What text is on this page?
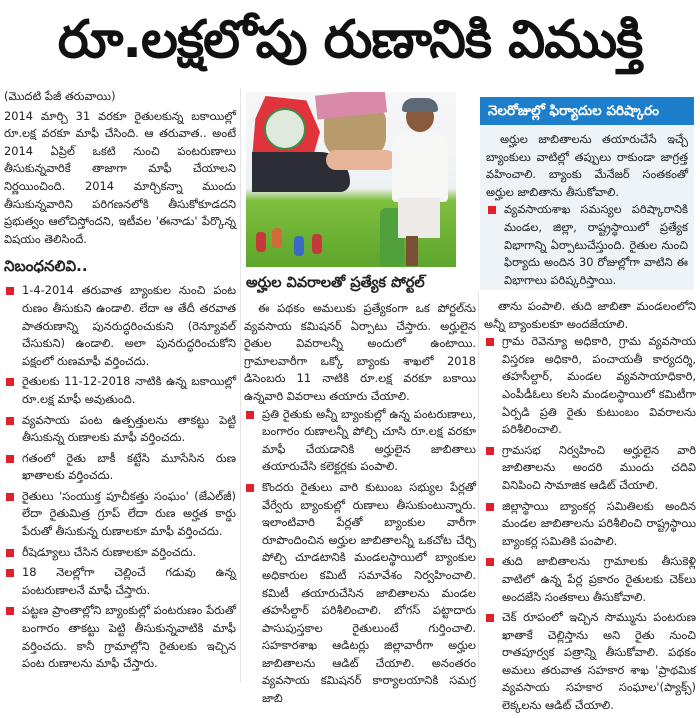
రూ.లక్షలోపు రుణానికి విముక్తి

(మొదటి పేజీ తరువాయి)

2014 మార్చి 31 వరకూ రైతులకున్న బకాయిల్లో రూ.లక్ష వరకూ మాఫీ చేసింది. ఆ తరువాత.. అంటే 2014 ఏప్రిల్ ఒకటి నుంచి పంటరుణాలు తీసుకున్నవారికే తాజాగా మాఫీ చేయాలని నిర్ణయించింది. 2014 మార్చికన్నా ముందు తీసుకున్నవారిని పరిగణనలోకి తీసుకోకూడదని ప్రభుత్వం ఆలోచిస్తోందని, ఇటీవల 'ఈనాడు' పేర్కొన్న విషయం తెలిసిందే.

నిబంధనలివి..

1-4-2014 తరువాత బ్యాంకుల నుంచి పంట రుణం తీసుకుని ఉండాలి. లేదా ఆ తేదీ తరవాత పాతరుణాన్ని పునరుద్ధరించుకుని (రెన్యూవల్ చేసుకుని) ఉండాలి. అలా పునరుద్ధరించుకోని పక్షంలో రుణమాఫీ వర్తించదు.
రైతులకు 11-12-2018 నాటికి ఉన్న బకాయిల్లో రూ.లక్ష మాఫీ అవుతుంది.
వ్యవసాయ పంట ఉత్పత్తులను తాకట్టు పెట్టి తీసుకున్న రుణాలకు మాఫీ వర్తించదు.
గతంలో రైతు బాకీ కట్టేసి మూసేసిన రుణ ఖాతాలకు వర్తించదు.
రైతులు 'సంయుక్త పూచీకత్తు సంఘం' (జేఎల్‌జీ) లేదా రైతుమిత్ర గ్రూప్ లేదా రుణ అర్హత కార్డు పేరుతో తీసుకున్న రుణాలకూ మాఫీ వర్తించదు.
రీషెడ్యూలు చేసిన రుణాలకూ వర్తించదు.
18 నెలల్లోగా చెల్లించే గడువు ఉన్న పంటరుణాలనే మాఫీ చేస్తారు.
పట్టణ ప్రాంతాల్లోని బ్యాంకుల్లో పంటరుణం పేరుతో బంగారం తాకట్టు పెట్టి తీసుకున్నవాటికి మాఫీ వర్తించదు. కానీ గ్రామాల్లోని రైతులకు ఇచ్చిన పంట రుణాలను మాఫీ చేస్తారు.
అర్హుల వివరాలతో ప్రత్యేక పోర్టల్

ఈ పథకం అమలుకు ప్రత్యేకంగా ఒక పోర్టల్‌ను వ్యవసాయ కమిషనర్ ఏర్పాటు చేస్తారు. అర్హులైన రైతుల వివరాలన్నీ అందులో ఉంటాయి. గ్రామాలవారీగా ఒక్కో బ్యాంకు శాఖలో 2018 డిసెంబరు 11 నాటికి రూ.లక్ష వరకూ బకాయి ఉన్నవారి వివరాలు తయారు చేయాలి.

ప్రతి రైతుకు అన్నీ బ్యాంకుల్లో ఉన్న పంటరుణాలు, బంగారం రుణాలన్నీ పోల్చి చూసి రూ.లక్ష వరకూ మాఫీ చేయడానికి అర్హులైన జాబితాలు తయారుచేసి కలెక్టర్లకు పంపాలి.
కొందరు రైతులు వారి కుటుంబ సభ్యుల పేర్లతో వేర్వేరు బ్యాంకుల్లో రుణాలు తీసుకుంటున్నారు. ఇలాంటివారి పేర్లతో బ్యాంకుల వారీగా రూపొందించిన అర్హుల జాబితాలన్నీ ఒకచోట చేర్చి పోల్చి చూడటానికి మండలస్థాయిలో బ్యాంకుల అధికారుల కమిటీ సమావేశం నిర్వహించాలి. కమిటీ తయారుచేసిన జాబితాలను మండల తహసీల్దార్ పరిశీలించాలి. బోగస్ పట్టాదారు పాసుపుస్తకాల రైతులుంటే గుర్తించాలి. సహకారశాఖ ఆడిటర్లు జిల్లావారీగా అర్హుల జాబితాలను ఆడిట్ చేయాలి. అనంతరం వ్యవసాయ కమిషనర్ కార్యాలయానికి సమగ్ర జాబి
నెలరోజుల్లో ఫిర్యాదుల పరిష్కారం

అర్హుల జాబితాలను తయారుచేసే ఇచ్చే బ్యాంకులు వాటిల్లో తప్పులు రాకుండా జాగ్రత్త వహించాలి. బ్యాంకు మేనేజర్ సంతకంతో అర్హుల జాబితాను తీసుకోవాలి.

వ్యవసాయశాఖ సమస్యల పరిష్కారానికి మండల, జిల్లా, రాష్ట్రస్థాయిలో ప్రత్యేక విభాగాన్ని ఏర్పాటుచేస్తుంది. రైతుల నుంచి ఫిర్యాదు అందిన 30 రోజుల్లోగా వాటిని ఈ విభాగాలు పరిష్కరిస్తాయి.

తాను పంపాలి. తుది జాబితా మండలంలోని అన్నీ బ్యాంకులకూ అందజేయాలి.

గ్రామ రెవెన్యూ అధికారి, గ్రామ వ్యవసాయ విస్తరణ అధికారి, పంచాయతీ కార్యదర్శి, తహసీల్దార్, మండల వ్యవసాయాధికారి, ఎంపీడీఓలు కలసి మండలస్థాయిలో కమిటీగా ఏర్పడి ప్రతి రైతు కుటుంబం వివరాలను పరిశీలించాలి.
గ్రామసభ నిర్వహించి అర్హులైన వారి జాబితాలను అందరి ముందు చదివి వినిపించి సామాజిక ఆడిట్ చేయాలి.
జిల్లాస్థాయి బ్యాంకర్ల సమితిలకు అందిన మండల జాబితాలను పరిశీలించి రాష్ట్రస్థాయి బ్యాంకర్ల సమితికి పంపాలి.
తుది జాబితాలను గ్రామాలకు తీసుకెళ్లి వాటిలో ఉన్న పేర్ల ప్రకారం రైతులకు చెక్‌లు అందజేసి సంతకాలు తీసుకోవాలి.
చెక్ రూపంలో ఇచ్చిన సొమ్మును పంటరుణ ఖాతాకే చెల్లిస్తాను అని రైతు నుంచి రాతపూర్వక పత్రాన్ని తీసుకోవాలి. పథకం అమలు తరువాత సహకార శాఖ 'ప్రాథమిక వ్యవసాయ సహకార సంఘాల'(ప్యాక్స్) లెక్కలను ఆడిట్ చేయాలి.
